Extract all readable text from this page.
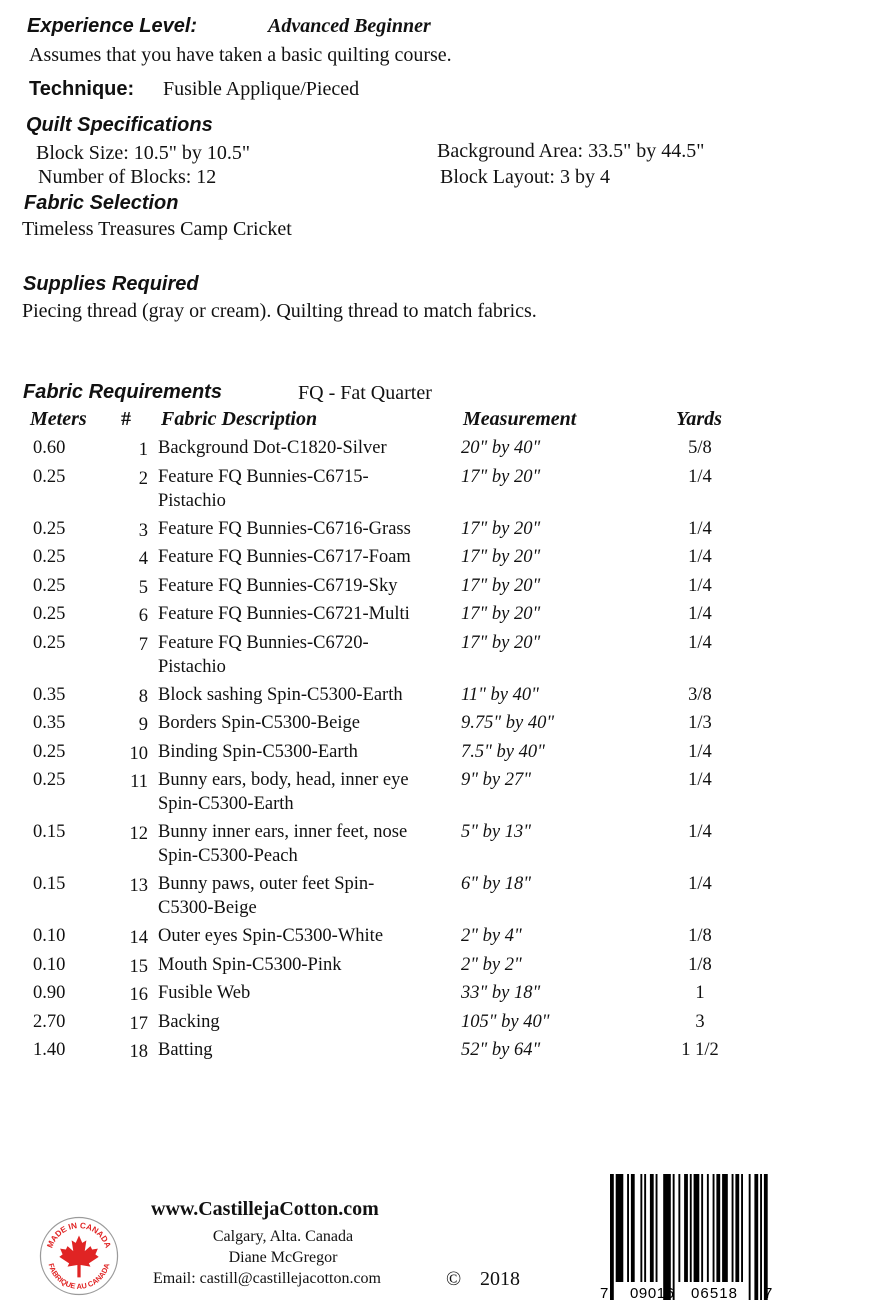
Experience Level:	Advanced Beginner
Assumes that you have taken a basic quilting course.
Technique: Fusible Applique/Pieced
Quilt Specifications
Block Size: 10.5" by 10.5"
Number of Blocks: 12
Background Area: 33.5" by 44.5"
Block Layout: 3 by 4
Fabric Selection
Timeless Treasures Camp Cricket
Supplies Required
Piecing thread (gray or cream). Quilting thread to match fabrics.
Fabric Requirements	FQ - Fat Quarter
Meters # Fabric Description	Measurement	Yards
0.60	1 Background Dot-C1820-Silver	20" by 40"	5/8
0.25	2 Feature FQ Bunnies-C6715-
Pistachio
17" by 20"	1/4
0.25	3 Feature FQ Bunnies-C6716-Grass	17" by 20"	1/4
0.25	4 Feature FQ Bunnies-C6717-Foam	17" by 20"	1/4
0.25	5 Feature FQ Bunnies-C6719-Sky	17" by 20"	1/4
0.25	6 Feature FQ Bunnies-C6721-Multi	17" by 20"	1/4
0.25	7 Feature FQ Bunnies-C6720-
Pistachio
17" by 20"	1/4
0.35	8 Block sashing Spin-C5300-Earth	11" by 40"	3/8
0.35	9 Borders Spin-C5300-Beige	9.75" by 40"	1/3
0.25	10 Binding Spin-C5300-Earth	7.5" by 40"	1/4
0.25	11 Bunny ears, body, head, inner eye
Spin-C5300-Earth
9" by 27"	1/4
0.15	12 Bunny inner ears, inner feet, nose
Spin-C5300-Peach
5" by 13"	1/4
0.15	13 Bunny paws, outer feet Spin-
C5300-Beige
6" by 18"	1/4
0.10	14 Outer eyes Spin-C5300-White	2" by 4"	1/8
0.10	15 Mouth Spin-C5300-Pink	2" by 2"	1/8
0.90	16 Fusible Web	33" by 18"	1
2.70	17 Backing	105" by 40"	3
1.40	18 Batting	52" by 64"	1 1/2
MADE IN CANADA
FABRIQUE AU CANADA
www.CastillejaCotton.com
Calgary, Alta. Canada
Diane McGregor
Email: castill@castillejacotton.com	© 2018
7 09016 06518 7
